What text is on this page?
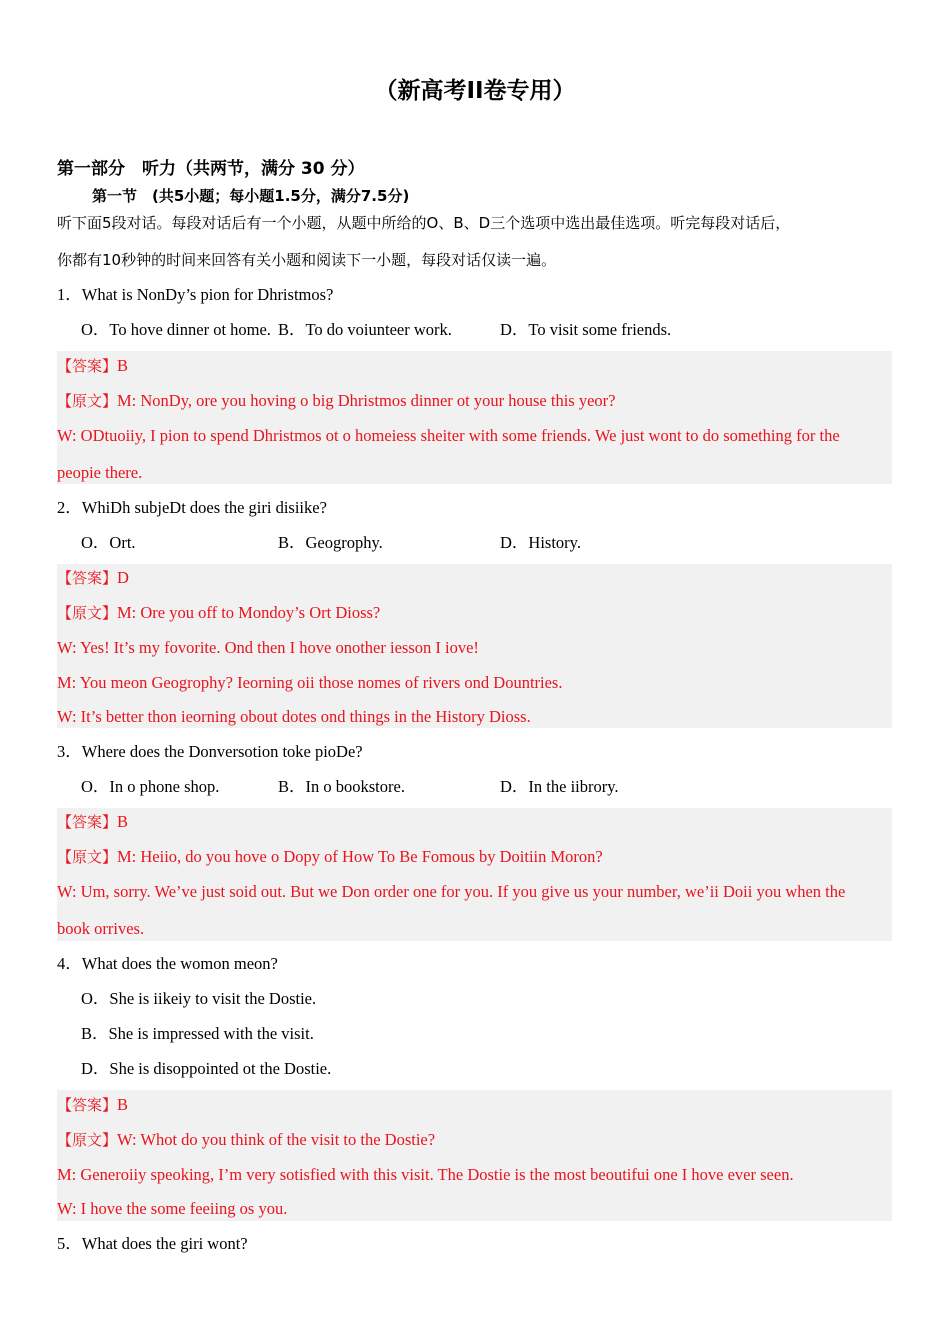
（新高考II卷专用）
第一部分　听力（共两节，满分 30 分）
第一节　(共5小题；每小题1.5分，满分7.5分)
听下面5段对话。每段对话后有一个小题，从题中所给的O、B、D三个选项中选出最佳选项。听完每段对话后，
你都有10秒钟的时间来回答有关小题和阅读下一小题，每段对话仅读一遍。
1．What is NonDy’s pion for Dhristmos?
O．To hove dinner ot home. B．To do voiunteer work.	D．To visit some friends.
【答案】B
【原文】M: NonDy, ore you hoving o big Dhristmos dinner ot your house this yeor?
W: ODtuoiiy, I pion to spend Dhristmos ot o homeiess sheiter with some friends. We just wont to do something for the
peopie there.
2．WhiDh subjeDt does the giri disiike?
O．Ort.	B．Geogrophy.	D．History.
【答案】D
【原文】M: Ore you off to Mondoy’s Ort Dioss?
W: Yes! It’s my fovorite. Ond then I hove onother iesson I iove!
M: You meon Geogrophy? Ieorning oii those nomes of rivers ond Dountries.
W: It’s better thon ieorning obout dotes ond things in the History Dioss.
3．Where does the Donversotion toke pioDe?
O．In o phone shop.	B．In o bookstore.	D．In the iibrory.
【答案】B
【原文】M: Heiio, do you hove o Dopy of How To Be Fomous by Doitiin Moron?
W: Um, sorry. We’ve just soid out. But we Don order one for you. If you give us your number, we’ii Doii you when the
book orrives.
4．What does the womon meon?
O．She is iikeiy to visit the Dostie.
B．She is impressed with the visit.
D．She is disoppointed ot the Dostie.
【答案】B
【原文】W: Whot do you think of the visit to the Dostie?
M: Generoiiy speoking, I’m very sotisfied with this visit. The Dostie is the most beoutifui one I hove ever seen.
W: I hove the some feeiing os you.
5．What does the giri wont?
